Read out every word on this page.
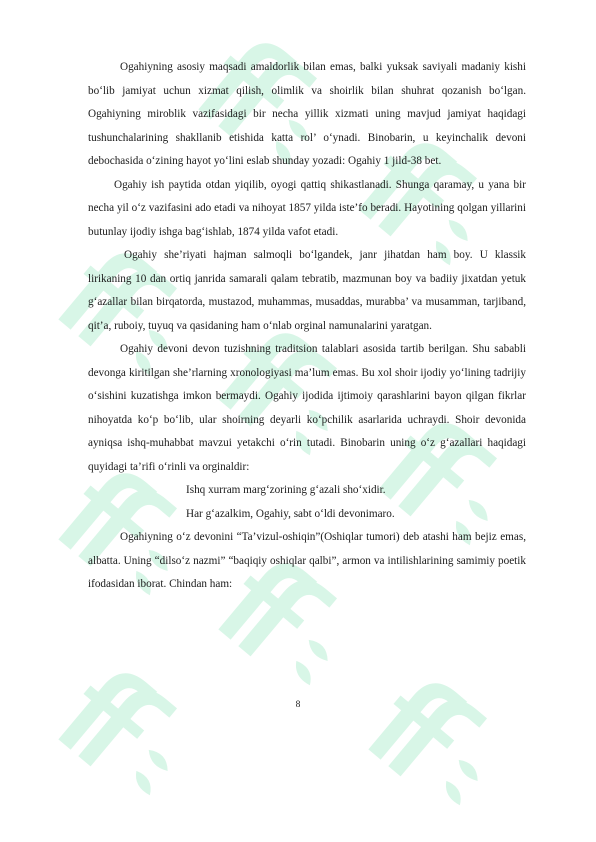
Ogahiyning asosiy maqsadi amaldorlik bilan emas, balki yuksak saviyali madaniy kishi bo‘lib jamiyat uchun xizmat qilish, olimlik va shoirlik bilan shuhrat qozanish bo‘lgan. Ogahiyning miroblik vazifasidagi bir necha yillik xizmati uning mavjud jamiyat haqidagi tushunchalarining shakllanib etishida katta rol’ o‘ynadi. Binobarin, u keyinchalik devoni debochasida o‘zining hayot yo‘lini eslab shunday yozadi: Ogahiy 1 jild-38 bet.

Ogahiy ish paytida otdan yiqilib, oyogi qattiq shikastlanadi. Shunga qaramay, u yana bir necha yil o‘z vazifasini ado etadi va nihoyat 1857 yilda iste’fo beradi. Hayotining qolgan yillarini butunlay ijodiy ishga bag‘ishlab, 1874 yilda vafot etadi.

Ogahiy she’riyati hajman salmoqli bo‘lgandek, janr jihatdan ham boy. U klassik lirikaning 10 dan ortiq janrida samarali qalam tebratib, mazmunan boy va badiiy jixatdan yetuk g‘azallar bilan birqatorda, mustazod, muhammas, musaddas, murabba’ va musamman, tarjiband, qit’a, ruboiy, tuyuq va qasidaning ham o‘nlab orginal namunalarini yaratgan.

Ogahiy devoni devon tuzishning traditsion talablari asosida tartib berilgan. Shu sababli devonga kiritilgan she’rlarning xronologiyasi ma’lum emas. Bu xol shoir ijodiy yo‘lining tadrijiy o‘sishini kuzatishga imkon bermaydi. Ogahiy ijodida ijtimoiy qarashlarini bayon qilgan fikrlar nihoyatda ko‘p bo‘lib, ular shoirning deyarli ko‘pchilik asarlarida uchraydi. Shoir devonida ayniqsa ishq-muhabbat mavzui yetakchi o‘rin tutadi. Binobarin uning o‘z g‘azallari haqidagi quyidagi ta’rifi o‘rinli va orginaldir:

Ishq xurram marg‘zorining g‘azali sho‘xidir.

Har g‘azalkim, Ogahiy, sabt o‘ldi devonimaro.

Ogahiyning o‘z devonini “Ta’vizul-oshiqin”(Oshiqlar tumori) deb atashi ham bejiz emas, albatta. Uning “dilso‘z nazmi” “baqiqiy oshiqlar qalbi”, armon va intilishlarining samimiy poetik ifodasidan iborat. Chindan ham:

8
